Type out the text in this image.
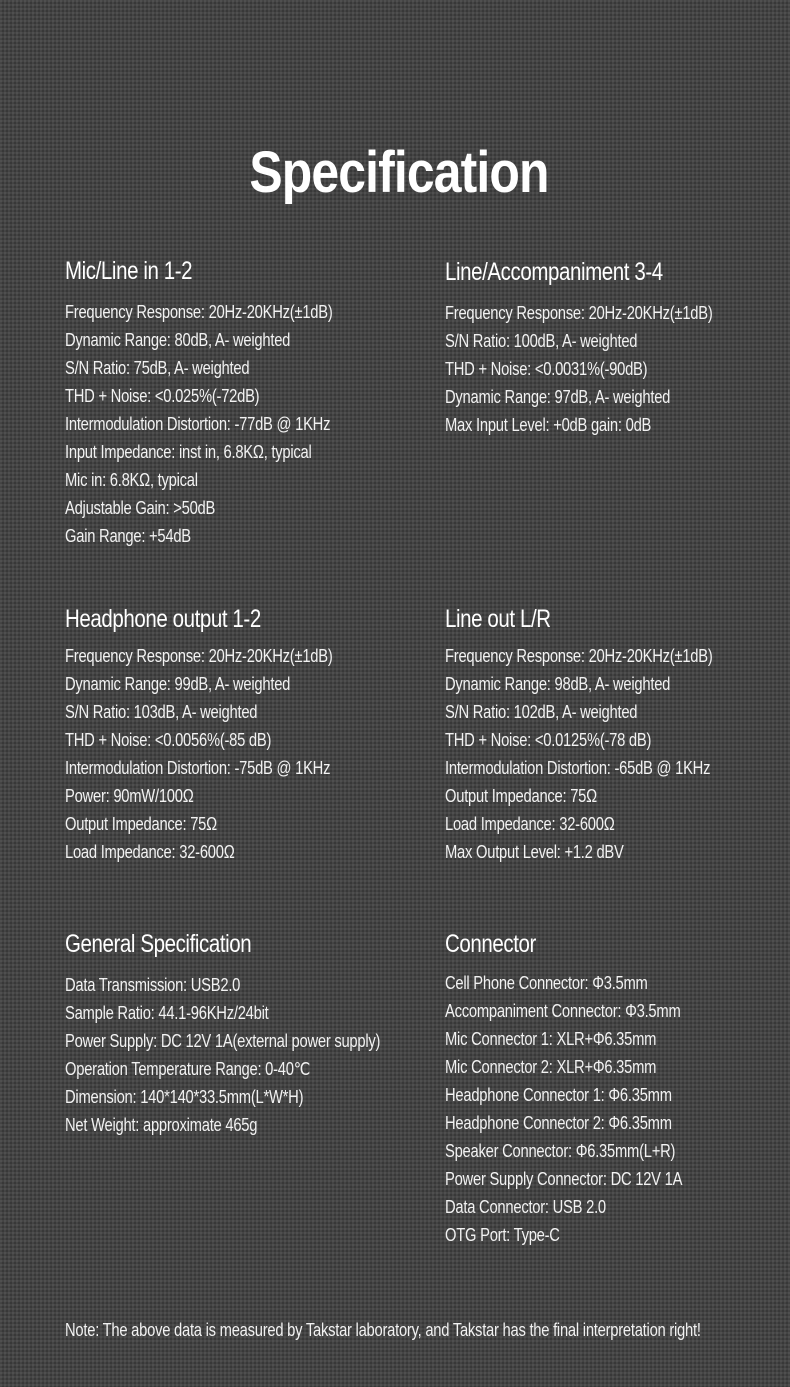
Specification
Mic/Line in 1-2
Frequency Response: 20Hz-20KHz(±1dB)
Dynamic Range: 80dB, A- weighted
S/N Ratio: 75dB, A- weighted
THD + Noise: <0.025%(-72dB)
Intermodulation Distortion: -77dB @ 1KHz
Input Impedance: inst in, 6.8KΩ, typical
Mic in: 6.8KΩ, typical
Adjustable Gain: >50dB
Gain Range: +54dB
Line/Accompaniment 3-4
Frequency Response: 20Hz-20KHz(±1dB)
S/N Ratio: 100dB, A- weighted
THD + Noise: <0.0031%(-90dB)
Dynamic Range: 97dB, A- weighted
Max Input Level: +0dB gain: 0dB
Headphone output 1-2
Frequency Response: 20Hz-20KHz(±1dB)
Dynamic Range: 99dB, A- weighted
S/N Ratio: 103dB, A- weighted
THD + Noise: <0.0056%(-85 dB)
Intermodulation Distortion: -75dB @ 1KHz
Power: 90mW/100Ω
Output Impedance: 75Ω
Load Impedance: 32-600Ω
Line out L/R
Frequency Response: 20Hz-20KHz(±1dB)
Dynamic Range: 98dB, A- weighted
S/N Ratio: 102dB, A- weighted
THD + Noise: <0.0125%(-78 dB)
Intermodulation Distortion: -65dB @ 1KHz
Output Impedance: 75Ω
Load Impedance: 32-600Ω
Max Output Level: +1.2 dBV
General Specification
Data Transmission: USB2.0
Sample Ratio: 44.1-96KHz/24bit
Power Supply: DC 12V 1A(external power supply)
Operation Temperature Range: 0-40℃
Dimension: 140*140*33.5mm(L*W*H)
Net Weight: approximate 465g
Connector
Cell Phone Connector: Φ3.5mm
Accompaniment Connector: Φ3.5mm
Mic Connector 1: XLR+Φ6.35mm
Mic Connector 2: XLR+Φ6.35mm
Headphone Connector 1: Φ6.35mm
Headphone Connector 2: Φ6.35mm
Speaker Connector: Φ6.35mm(L+R)
Power Supply Connector: DC 12V 1A
Data Connector: USB 2.0
OTG Port: Type-C

Note: The above data is measured by Takstar laboratory, and Takstar has the final interpretation right!
